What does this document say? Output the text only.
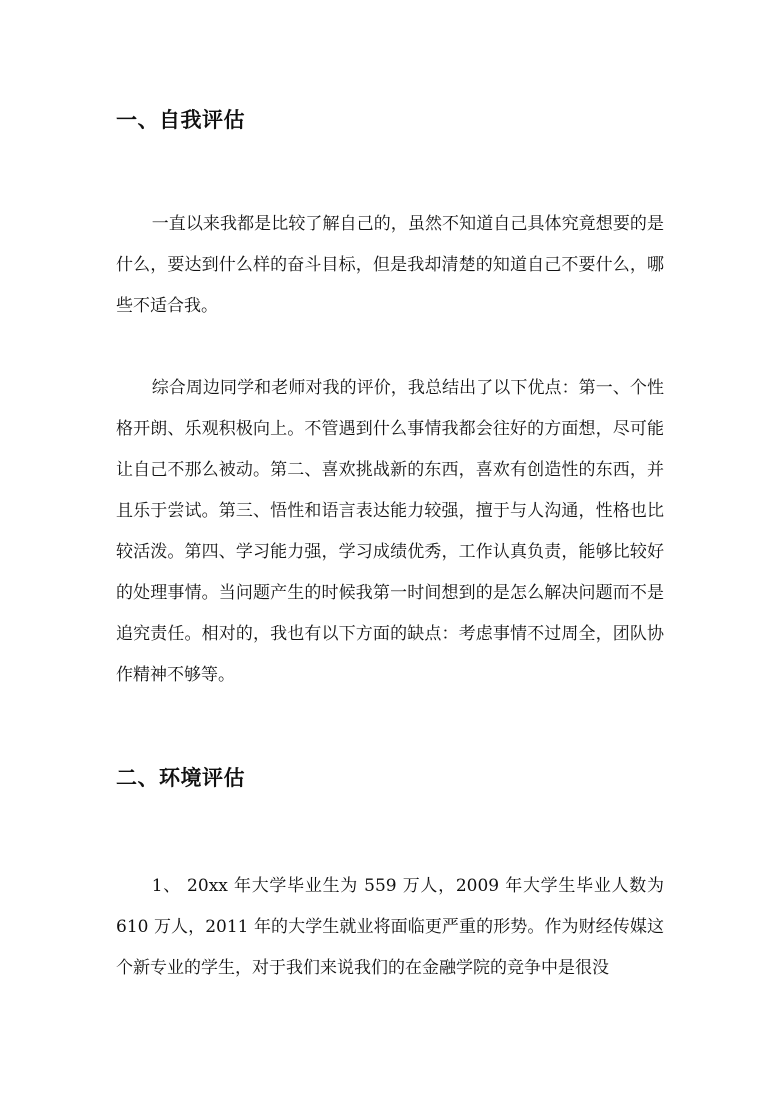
一、自我评估

一直以来我都是比较了解自己的，虽然不知道自己具体究竟想要的是什么，要达到什么样的奋斗目标，但是我却清楚的知道自己不要什么，哪些不适合我。

综合周边同学和老师对我的评价，我总结出了以下优点：第一、个性格开朗、乐观积极向上。不管遇到什么事情我都会往好的方面想，尽可能让自己不那么被动。第二、喜欢挑战新的东西，喜欢有创造性的东西，并且乐于尝试。第三、悟性和语言表达能力较强，擅于与人沟通，性格也比较活泼。第四、学习能力强，学习成绩优秀，工作认真负责，能够比较好的处理事情。当问题产生的时候我第一时间想到的是怎么解决问题而不是追究责任。相对的，我也有以下方面的缺点：考虑事情不过周全，团队协作精神不够等。

二、环境评估

1、 20xx 年大学毕业生为 559 万人，2009 年大学生毕业人数为 610 万人，2011 年的大学生就业将面临更严重的形势。作为财经传媒这个新专业的学生，对于我们来说我们的在金融学院的竞争中是很没
